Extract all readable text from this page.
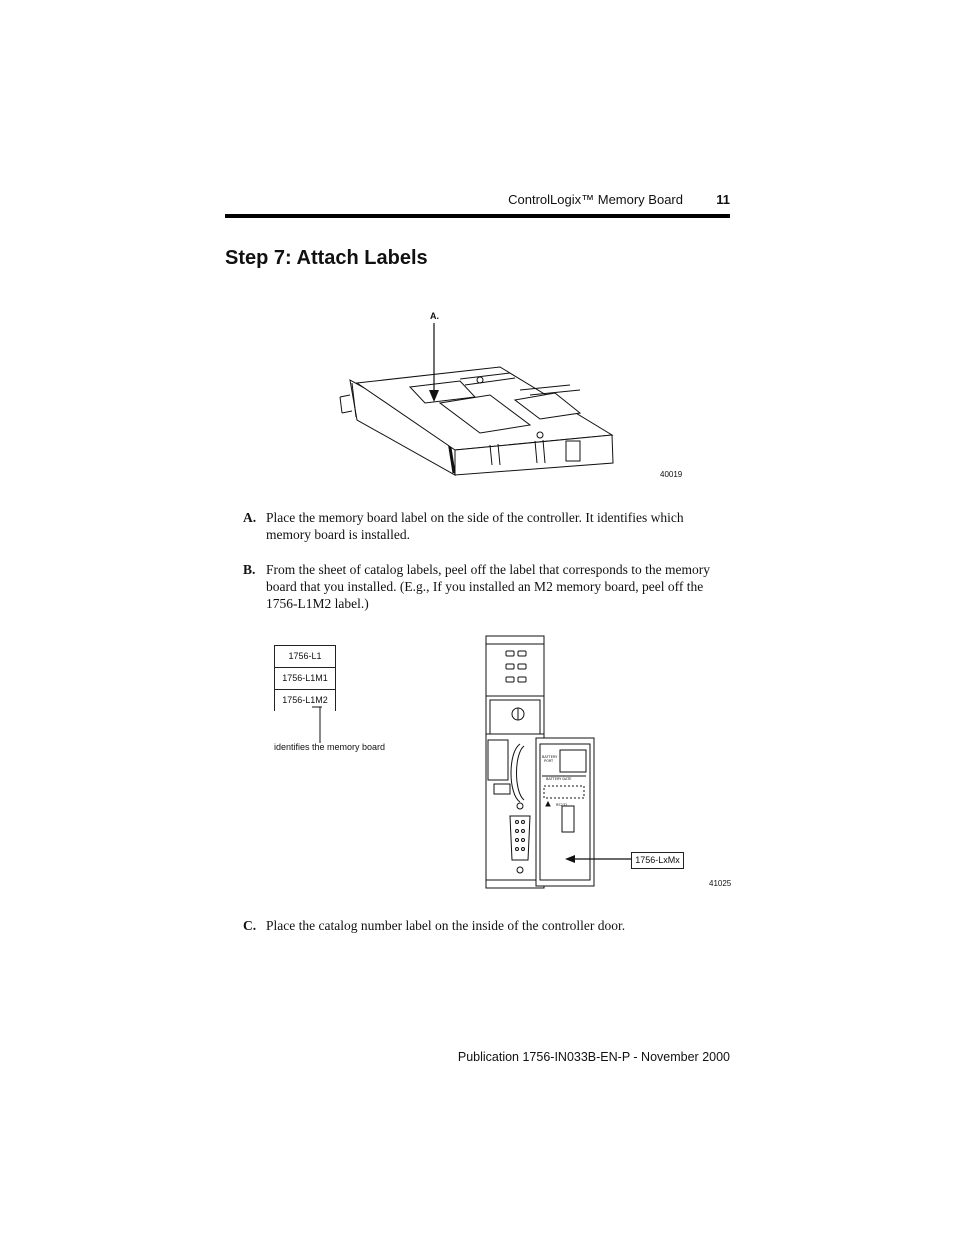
ControlLogix™ Memory Board	11
Step 7: Attach Labels
A.
40019
A. Place the memory board label on the side of the controller. It identifies which memory board is installed.
B. From the sheet of catalog labels, peel off the label that corresponds to the memory board that you installed. (E.g., If you installed an M2 memory board, peel off the 1756-L1M2 label.)
1756-L1
1756-L1M1
1756-L1M2
identifies the memory board
BATTERY
PORT
BATTERY DATE
RS232
1756-LxMx
41025
C. Place the catalog number label on the inside of the controller door.
Publication 1756-IN033B-EN-P - November 2000
